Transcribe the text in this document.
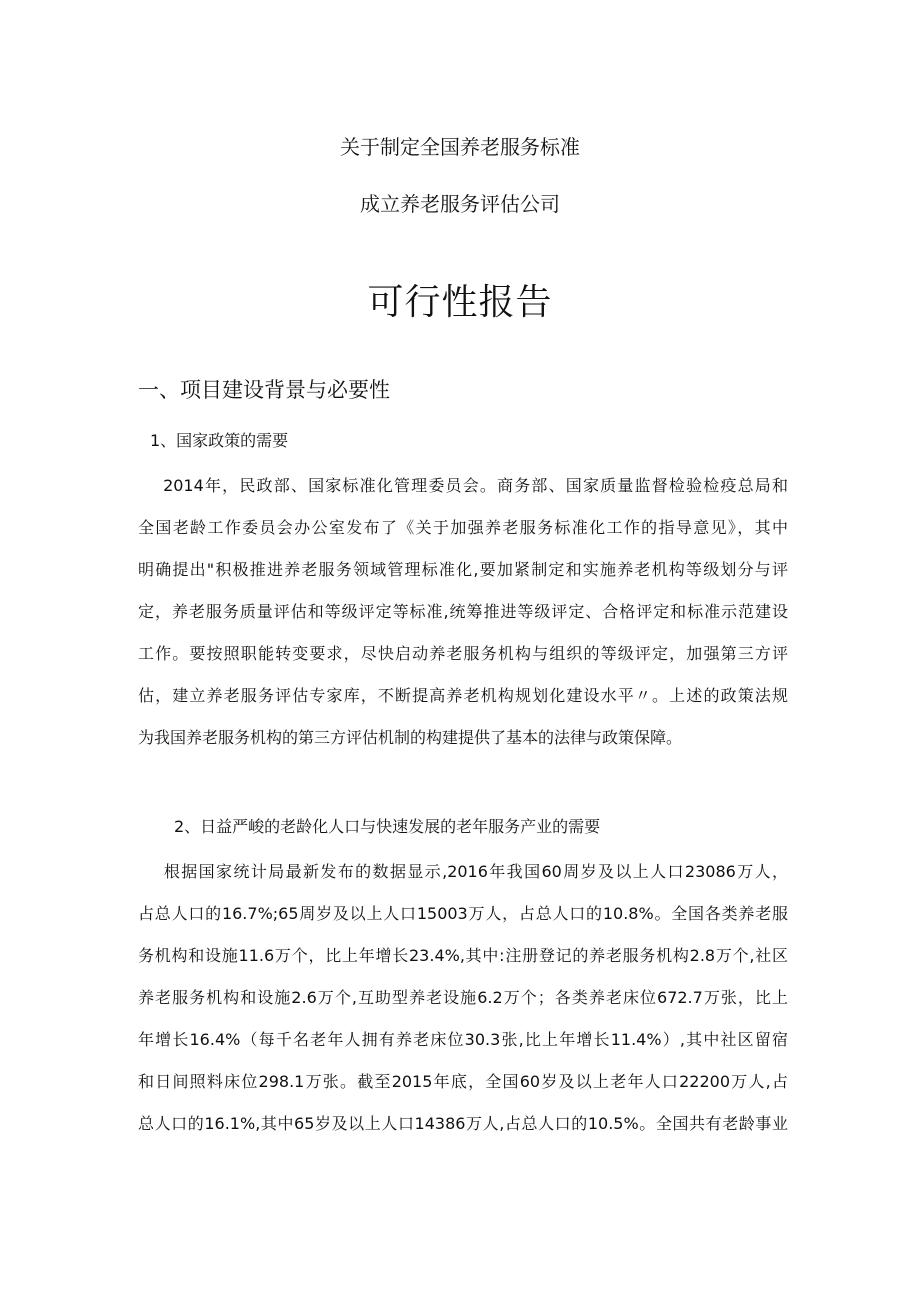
关于制定全国养老服务标准
成立养老服务评估公司
可行性报告
一、项目建设背景与必要性
1、国家政策的需要
2014年，民政部、国家标准化管理委员会。商务部、国家质量监督检验检疫总局和
全国老龄工作委员会办公室发布了《关于加强养老服务标准化工作的指导意见》，其中
明确提出"积极推进养老服务领域管理标准化,要加紧制定和实施养老机构等级划分与评
定，养老服务质量评估和等级评定等标准,统筹推进等级评定、合格评定和标准示范建设
工作。要按照职能转变要求，尽快启动养老服务机构与组织的等级评定，加强第三方评
估，建立养老服务评估专家库，不断提高养老机构规划化建设水平〃。上述的政策法规
为我国养老服务机构的第三方评估机制的构建提供了基本的法律与政策保障。
2、日益严峻的老龄化人口与快速发展的老年服务产业的需要
根据国家统计局最新发布的数据显示,2016年我国60周岁及以上人口23086万人，
占总人口的16.7%;65周岁及以上人口15003万人，占总人口的10.8%。全国各类养老服
务机构和设施11.6万个，比上年增长23.4%,其中:注册登记的养老服务机构2.8万个,社区
养老服务机构和设施2.6万个,互助型养老设施6.2万个；各类养老床位672.7万张，比上
年增长16.4%（每千名老年人拥有养老床位30.3张,比上年增长11.4%）,其中社区留宿
和日间照料床位298.1万张。截至2015年底，全国60岁及以上老年人口22200万人,占
总人口的16.1%,其中65岁及以上人口14386万人,占总人口的10.5%。全国共有老龄事业
